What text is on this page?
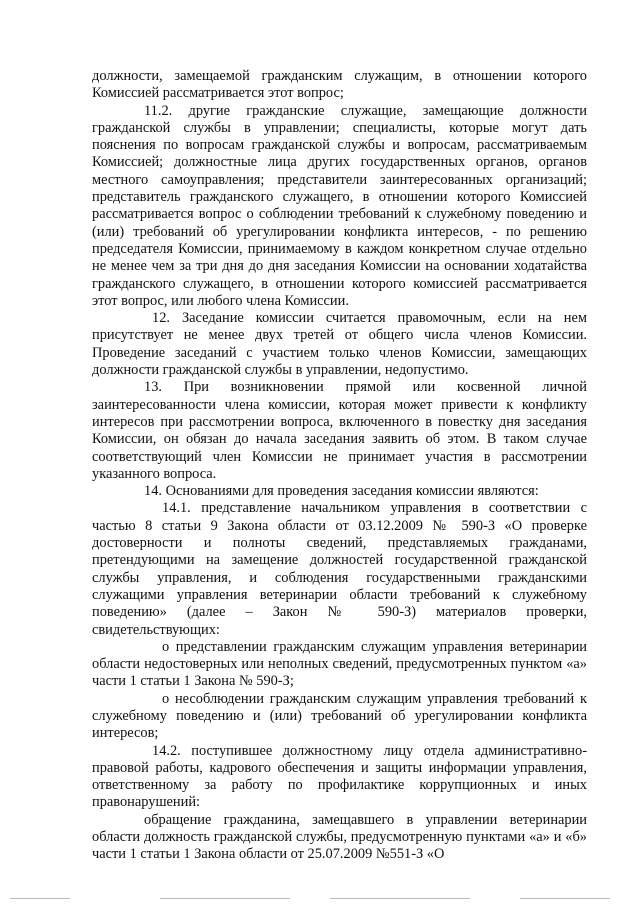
должности, замещаемой гражданским служащим, в отношении которого Комиссией рассматривается этот вопрос;

11.2. другие гражданские служащие, замещающие должности гражданской службы в управлении; специалисты, которые могут дать пояснения по вопросам гражданской службы и вопросам, рассматриваемым Комиссией; должностные лица других государственных органов, органов местного самоуправления; представители заинтересованных организаций; представитель гражданского служащего, в отношении которого Комиссией рассматривается вопрос о соблюдении требований к служебному поведению и (или) требований об урегулировании конфликта интересов, - по решению председателя Комиссии, принимаемому в каждом конкретном случае отдельно не менее чем за три дня до дня заседания Комиссии на основании ходатайства гражданского служащего, в отношении которого комиссией рассматривается этот вопрос, или любого члена Комиссии.

12. Заседание комиссии считается правомочным, если на нем присутствует не менее двух третей от общего числа членов Комиссии. Проведение заседаний с участием только членов Комиссии, замещающих должности гражданской службы в управлении, недопустимо.

13. При возникновении прямой или косвенной личной заинтересованности члена комиссии, которая может привести к конфликту интересов при рассмотрении вопроса, включенного в повестку дня заседания Комиссии, он обязан до начала заседания заявить об этом. В таком случае соответствующий член Комиссии не принимает участия в рассмотрении указанного вопроса.

14. Основаниями для проведения заседания комиссии являются:

14.1. представление начальником управления в соответствии с частью 8 статьи 9 Закона области от 03.12.2009 № 590-З «О проверке достоверности и полноты сведений, представляемых гражданами, претендующими на замещение должностей государственной гражданской службы управления, и соблюдения государственными гражданскими служащими управления ветеринарии области требований к служебному поведению» (далее – Закон № 590-З) материалов проверки, свидетельствующих:

о представлении гражданским служащим управления ветеринарии области недостоверных или неполных сведений, предусмотренных пунктом «а» части 1 статьи 1 Закона № 590-З;

о несоблюдении гражданским служащим управления требований к служебному поведению и (или) требований об урегулировании конфликта интересов;

14.2. поступившее должностному лицу отдела административно-правовой работы, кадрового обеспечения и защиты информации управления, ответственному за работу по профилактике коррупционных и иных правонарушений:

обращение гражданина, замещавшего в управлении ветеринарии области должность гражданской службы, предусмотренную пунктами «а» и «б» части 1 статьи 1 Закона области от 25.07.2009 №551-З «О
